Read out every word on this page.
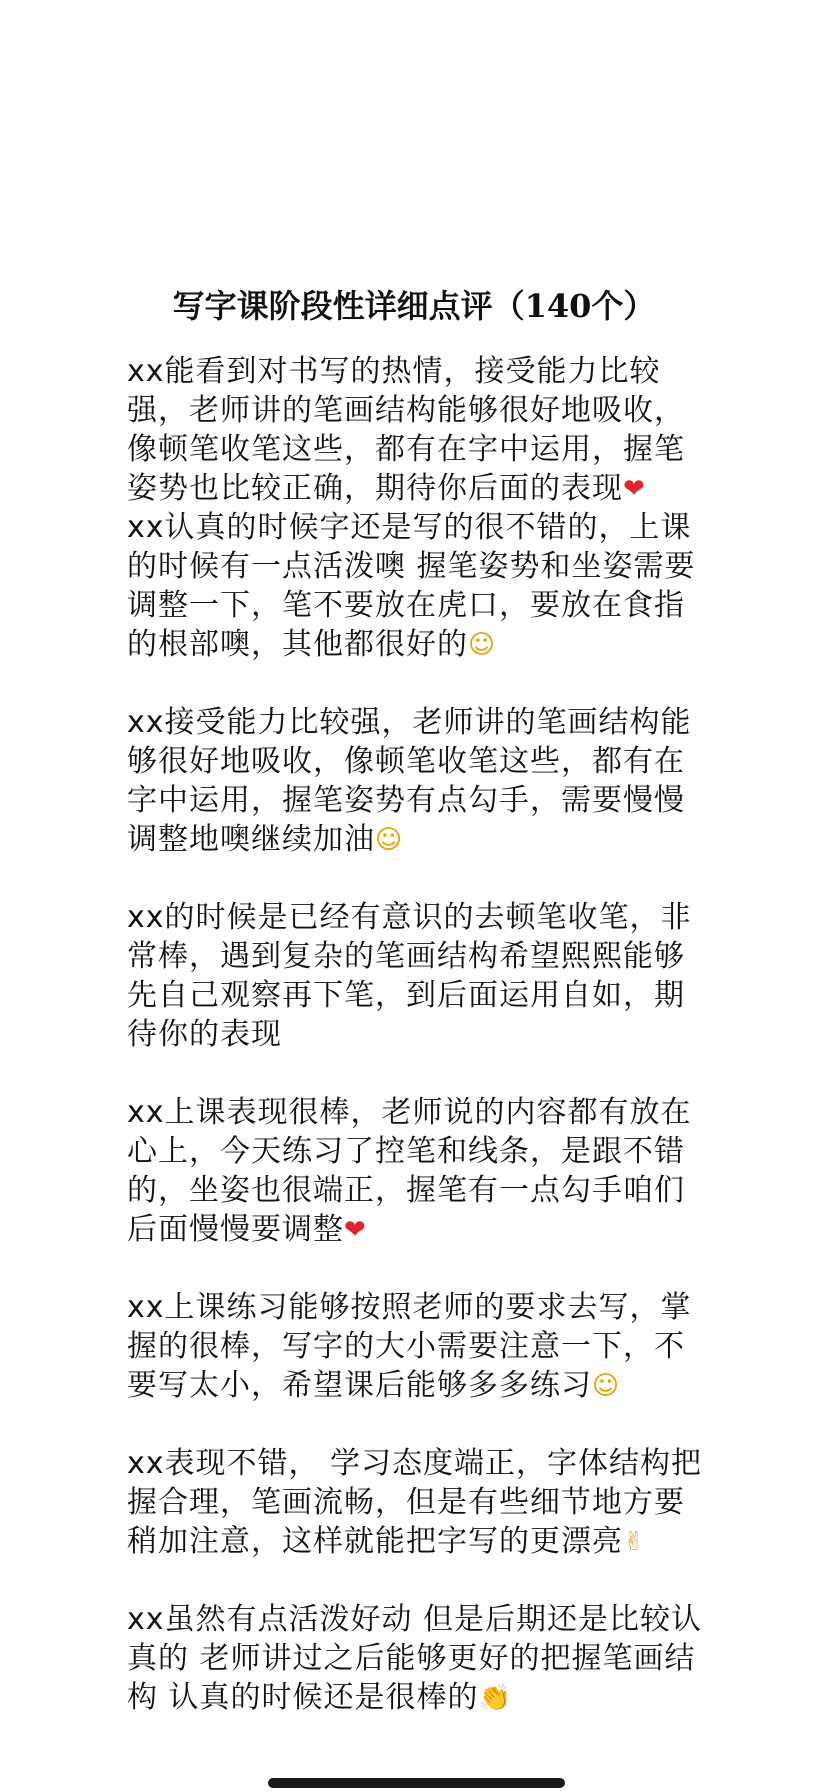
写字课阶段性详细点评（140个）

xx能看到对书写的热情，接受能力比较强，老师讲的笔画结构能够很好地吸收，像顿笔收笔这些，都有在字中运用，握笔姿势也比较正确，期待你后面的表现❤

xx认真的时候字还是写的很不错的，上课的时候有一点活泼噢 握笔姿势和坐姿需要调整一下，笔不要放在虎口，要放在食指的根部噢，其他都很好的☺

xx接受能力比较强，老师讲的笔画结构能够很好地吸收，像顿笔收笔这些，都有在字中运用，握笔姿势有点勾手，需要慢慢调整地噢继续加油☺

xx的时候是已经有意识的去顿笔收笔，非常棒，遇到复杂的笔画结构希望熙熙能够先自己观察再下笔，到后面运用自如，期待你的表现

xx上课表现很棒，老师说的内容都有放在心上，今天练习了控笔和线条，是跟不错的，坐姿也很端正，握笔有一点勾手咱们后面慢慢要调整❤

xx上课练习能够按照老师的要求去写，掌握的很棒，写字的大小需要注意一下，不要写太小，希望课后能够多多练习☺

xx表现不错， 学习态度端正，字体结构把握合理，笔画流畅，但是有些细节地方要稍加注意，这样就能把字写的更漂亮✌

xx虽然有点活泼好动 但是后期还是比较认真的 老师讲过之后能够更好的把握笔画结构 认真的时候还是很棒的👏
